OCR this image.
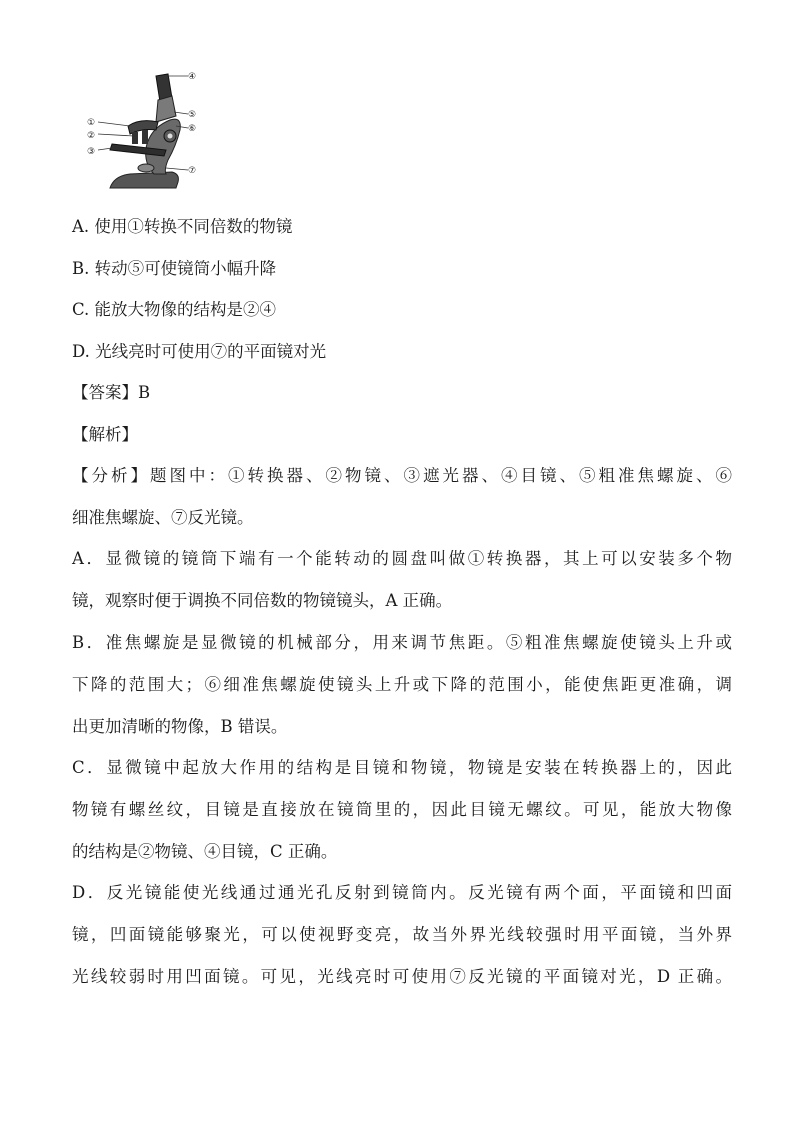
④
⑤
⑥
⑦
①
②
③
A. 使用①转换不同倍数的物镜
B. 转动⑤可使镜筒小幅升降
C. 能放大物像的结构是②④
D. 光线亮时可使用⑦的平面镜对光
【答案】B
【解析】
【分析】题图中：①转换器、②物镜、③遮光器、④目镜、⑤粗准焦螺旋、⑥
细准焦螺旋、⑦反光镜。
A．显微镜的镜筒下端有一个能转动的圆盘叫做①转换器，其上可以安装多个物
镜，观察时便于调换不同倍数的物镜镜头，A 正确。
B．准焦螺旋是显微镜的机械部分，用来调节焦距。⑤粗准焦螺旋使镜头上升或
下降的范围大；⑥细准焦螺旋使镜头上升或下降的范围小，能使焦距更准确，调
出更加清晰的物像，B 错误。
C．显微镜中起放大作用的结构是目镜和物镜，物镜是安装在转换器上的，因此
物镜有螺丝纹，目镜是直接放在镜筒里的，因此目镜无螺纹。可见，能放大物像
的结构是②物镜、④目镜，C 正确。
D．反光镜能使光线通过通光孔反射到镜筒内。反光镜有两个面，平面镜和凹面
镜，凹面镜能够聚光，可以使视野变亮，故当外界光线较强时用平面镜，当外界
光线较弱时用凹面镜。可见，光线亮时可使用⑦反光镜的平面镜对光，D 正确。
